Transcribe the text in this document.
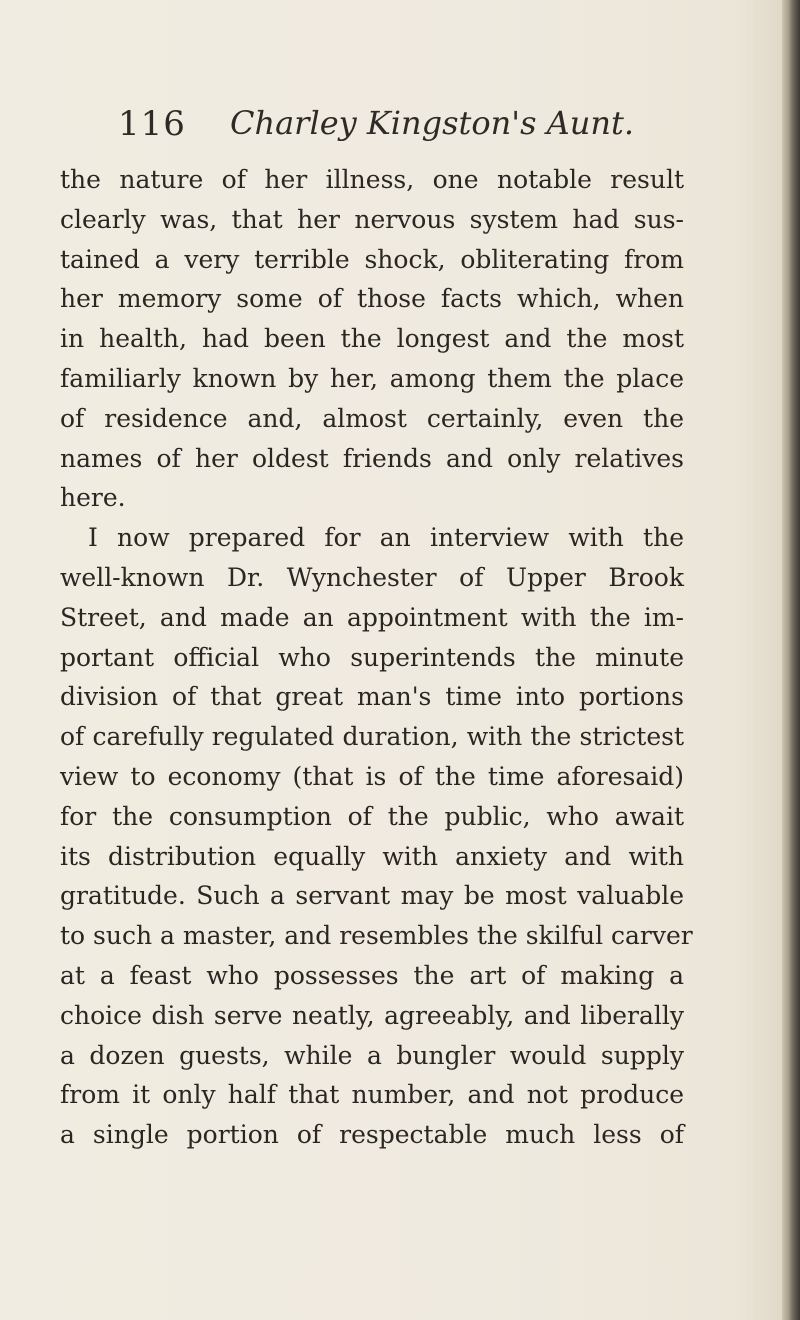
116 Charley Kingston's Aunt.
the nature of her illness, one notable result
clearly was, that her nervous system had sus-
tained a very terrible shock, obliterating from
her memory some of those facts which, when
in health, had been the longest and the most
familiarly known by her, among them the place
of residence and, almost certainly, even the
names of her oldest friends and only relatives
here.
I now prepared for an interview with the
well-known Dr. Wynchester of Upper Brook
Street, and made an appointment with the im-
portant official who superintends the minute
division of that great man's time into portions
of carefully regulated duration, with the strictest
view to economy (that is of the time aforesaid)
for the consumption of the public, who await
its distribution equally with anxiety and with
gratitude. Such a servant may be most valuable
to such a master, and resembles the skilful carver
at a feast who possesses the art of making a
choice dish serve neatly, agreeably, and liberally
a dozen guests, while a bungler would supply
from it only half that number, and not produce
a single portion of respectable much less of
